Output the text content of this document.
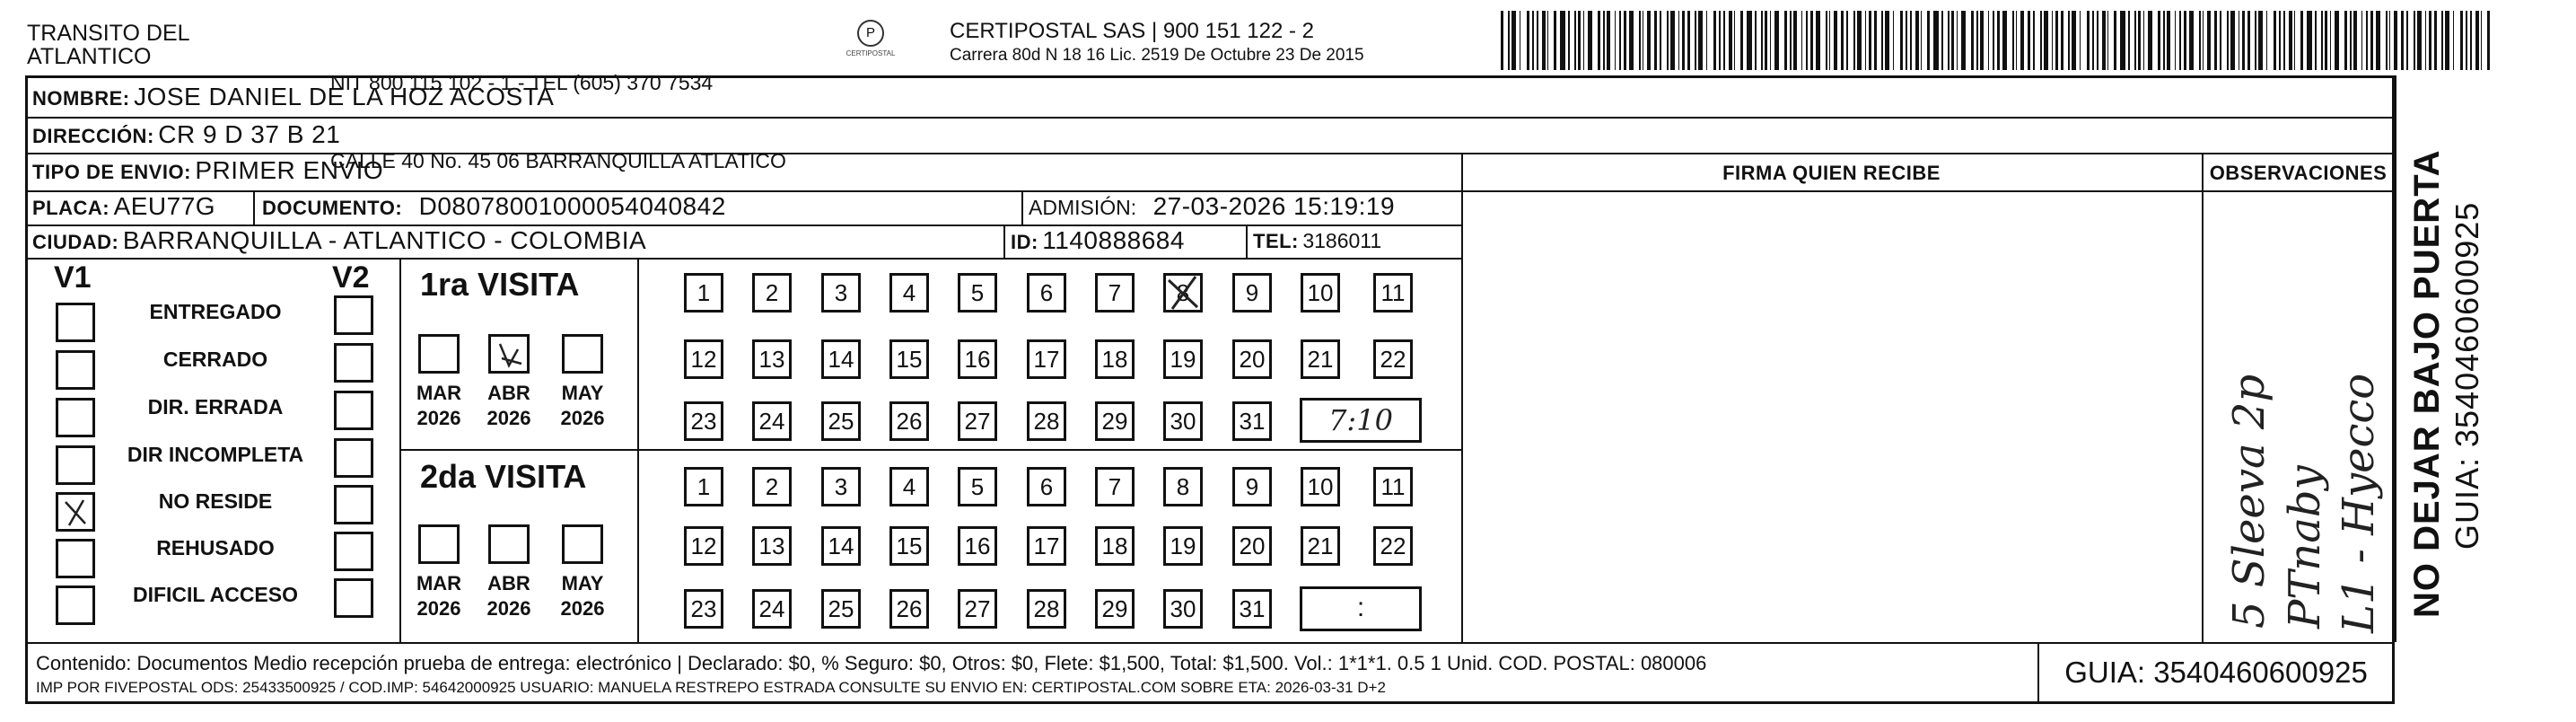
TRANSITO DEL
ATLANTICO

NIT 800 115 102 - 1 - TEL (605) 370 7534

CALLE 40 No. 45 06 BARRANQUILLA ATLATICO

P
CERTIPOSTAL
CERTIPOSTAL SAS | 900 151 122 - 2
Carrera 80d N 18 16 Lic. 2519 De Octubre 23 De 2015
NOMBRE: JOSE DANIEL DE LA HOZ ACOSTA
DIRECCIÓN: CR 9 D 37 B 21
TIPO DE ENVIO: PRIMER ENVIO	FIRMA QUIEN RECIBE	OBSERVACIONES
PLACA: AEU77G DOCUMENTO: D08078001000054040842	ADMISIÓN: 27-03-2026 15:19:19
CIUDAD: BARRANQUILLA - ATLANTICO - COLOMBIA	ID: 1140888684	TEL: 3186011
V1	V2
ENTREGADO
CERRADO
DIR. ERRADA
DIR INCOMPLETA
NO RESIDE
REHUSADO
DIFICIL ACCESO
1ra VISITA
MAR
2026
ABR
2026
MAY
2026
1	2	3	4	5	6	7	8	9	10	11
12 13 14 15 16 17 18 19 20 21 22
23 24 25 26 27 28 29 30 31
2da VISITA
MAR
2026
ABR
2026
MAY
2026
1	2	3	4	5	6	7	8	9	10	11
12 13 14 15 16 17 18 19 20 21 22
23 24 25 26 27 28 29 30 31
7:10
:	5 Sleeva 2p PTnaby L1 - Hyecco NO DEJAR BAJO PUERTA GUIA: 3540460600925
Contenido: Documentos Medio recepción prueba de entrega: electrónico | Declarado: $0, % Seguro: $0, Otros: $0, Flete: $1,500, Total: $1,500. Vol.: 1*1*1. 0.5 1 Unid. COD. POSTAL: 080006
IMP POR FIVEPOSTAL ODS: 25433500925 / COD.IMP: 54642000925 USUARIO: MANUELA RESTREPO ESTRADA CONSULTE SU ENVIO EN: CERTIPOSTAL.COM SOBRE ETA: 2026-03-31 D+2	GUIA: 3540460600925
